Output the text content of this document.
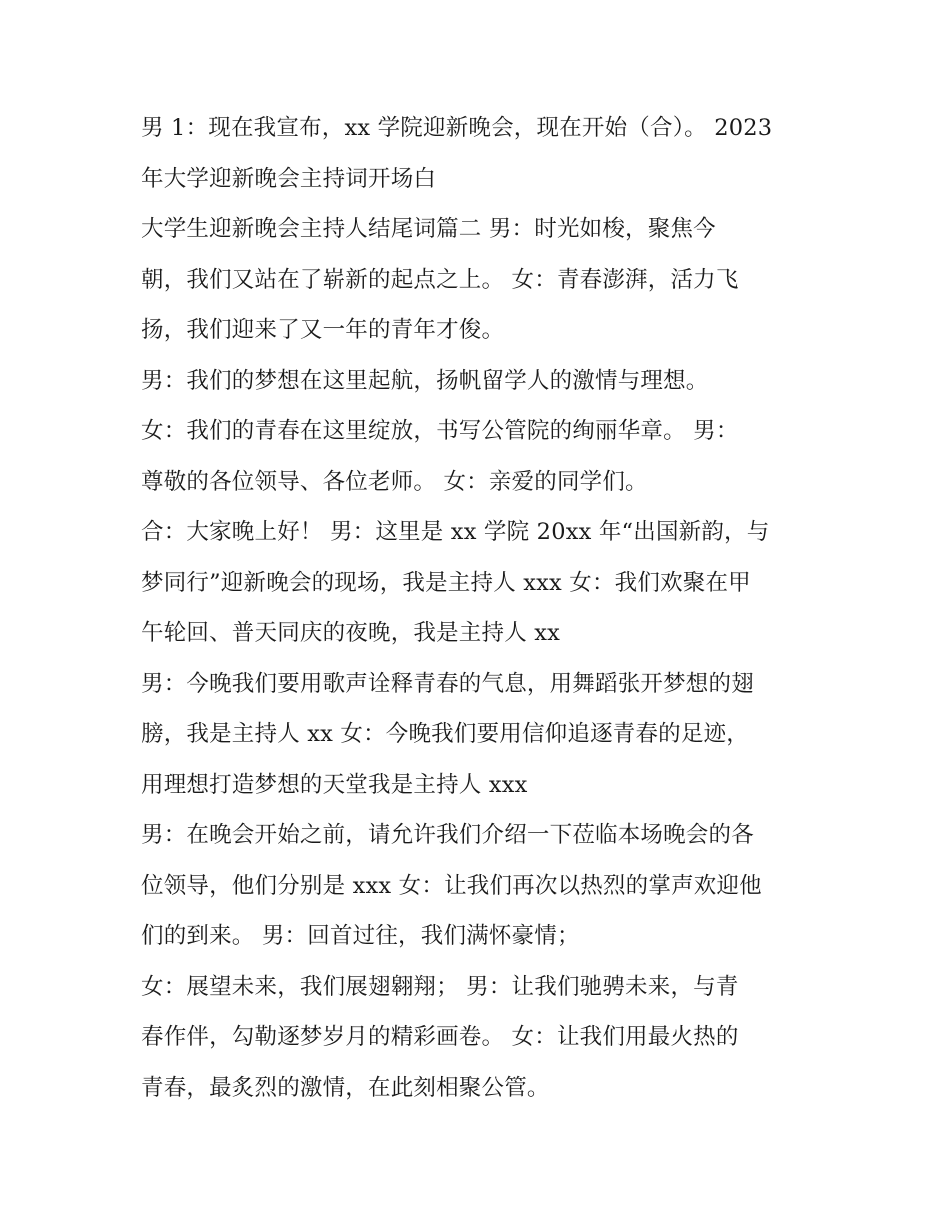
男 1：现在我宣布，xx 学院迎新晚会，现在开始（合）。 2023
年大学迎新晚会主持词开场白
大学生迎新晚会主持人结尾词篇二 男：时光如梭，聚焦今
朝，我们又站在了崭新的起点之上。 女：青春澎湃，活力飞
扬，我们迎来了又一年的青年才俊。
男：我们的梦想在这里起航，扬帆留学人的激情与理想。
女：我们的青春在这里绽放，书写公管院的绚丽华章。 男：
尊敬的各位领导、各位老师。 女：亲爱的同学们。
合：大家晚上好！ 男：这里是 xx 学院 20xx 年“出国新韵，与
梦同行”迎新晚会的现场，我是主持人 xxx 女：我们欢聚在甲
午轮回、普天同庆的夜晚，我是主持人 xx
男：今晚我们要用歌声诠释青春的气息，用舞蹈张开梦想的翅
膀，我是主持人 xx 女：今晚我们要用信仰追逐青春的足迹，
用理想打造梦想的天堂我是主持人 xxx
男：在晚会开始之前，请允许我们介绍一下莅临本场晚会的各
位领导，他们分别是 xxx 女：让我们再次以热烈的掌声欢迎他
们的到来。 男：回首过往，我们满怀豪情；
女：展望未来，我们展翅翱翔； 男：让我们驰骋未来，与青
春作伴，勾勒逐梦岁月的精彩画卷。 女：让我们用最火热的
青春，最炙烈的激情，在此刻相聚公管。
